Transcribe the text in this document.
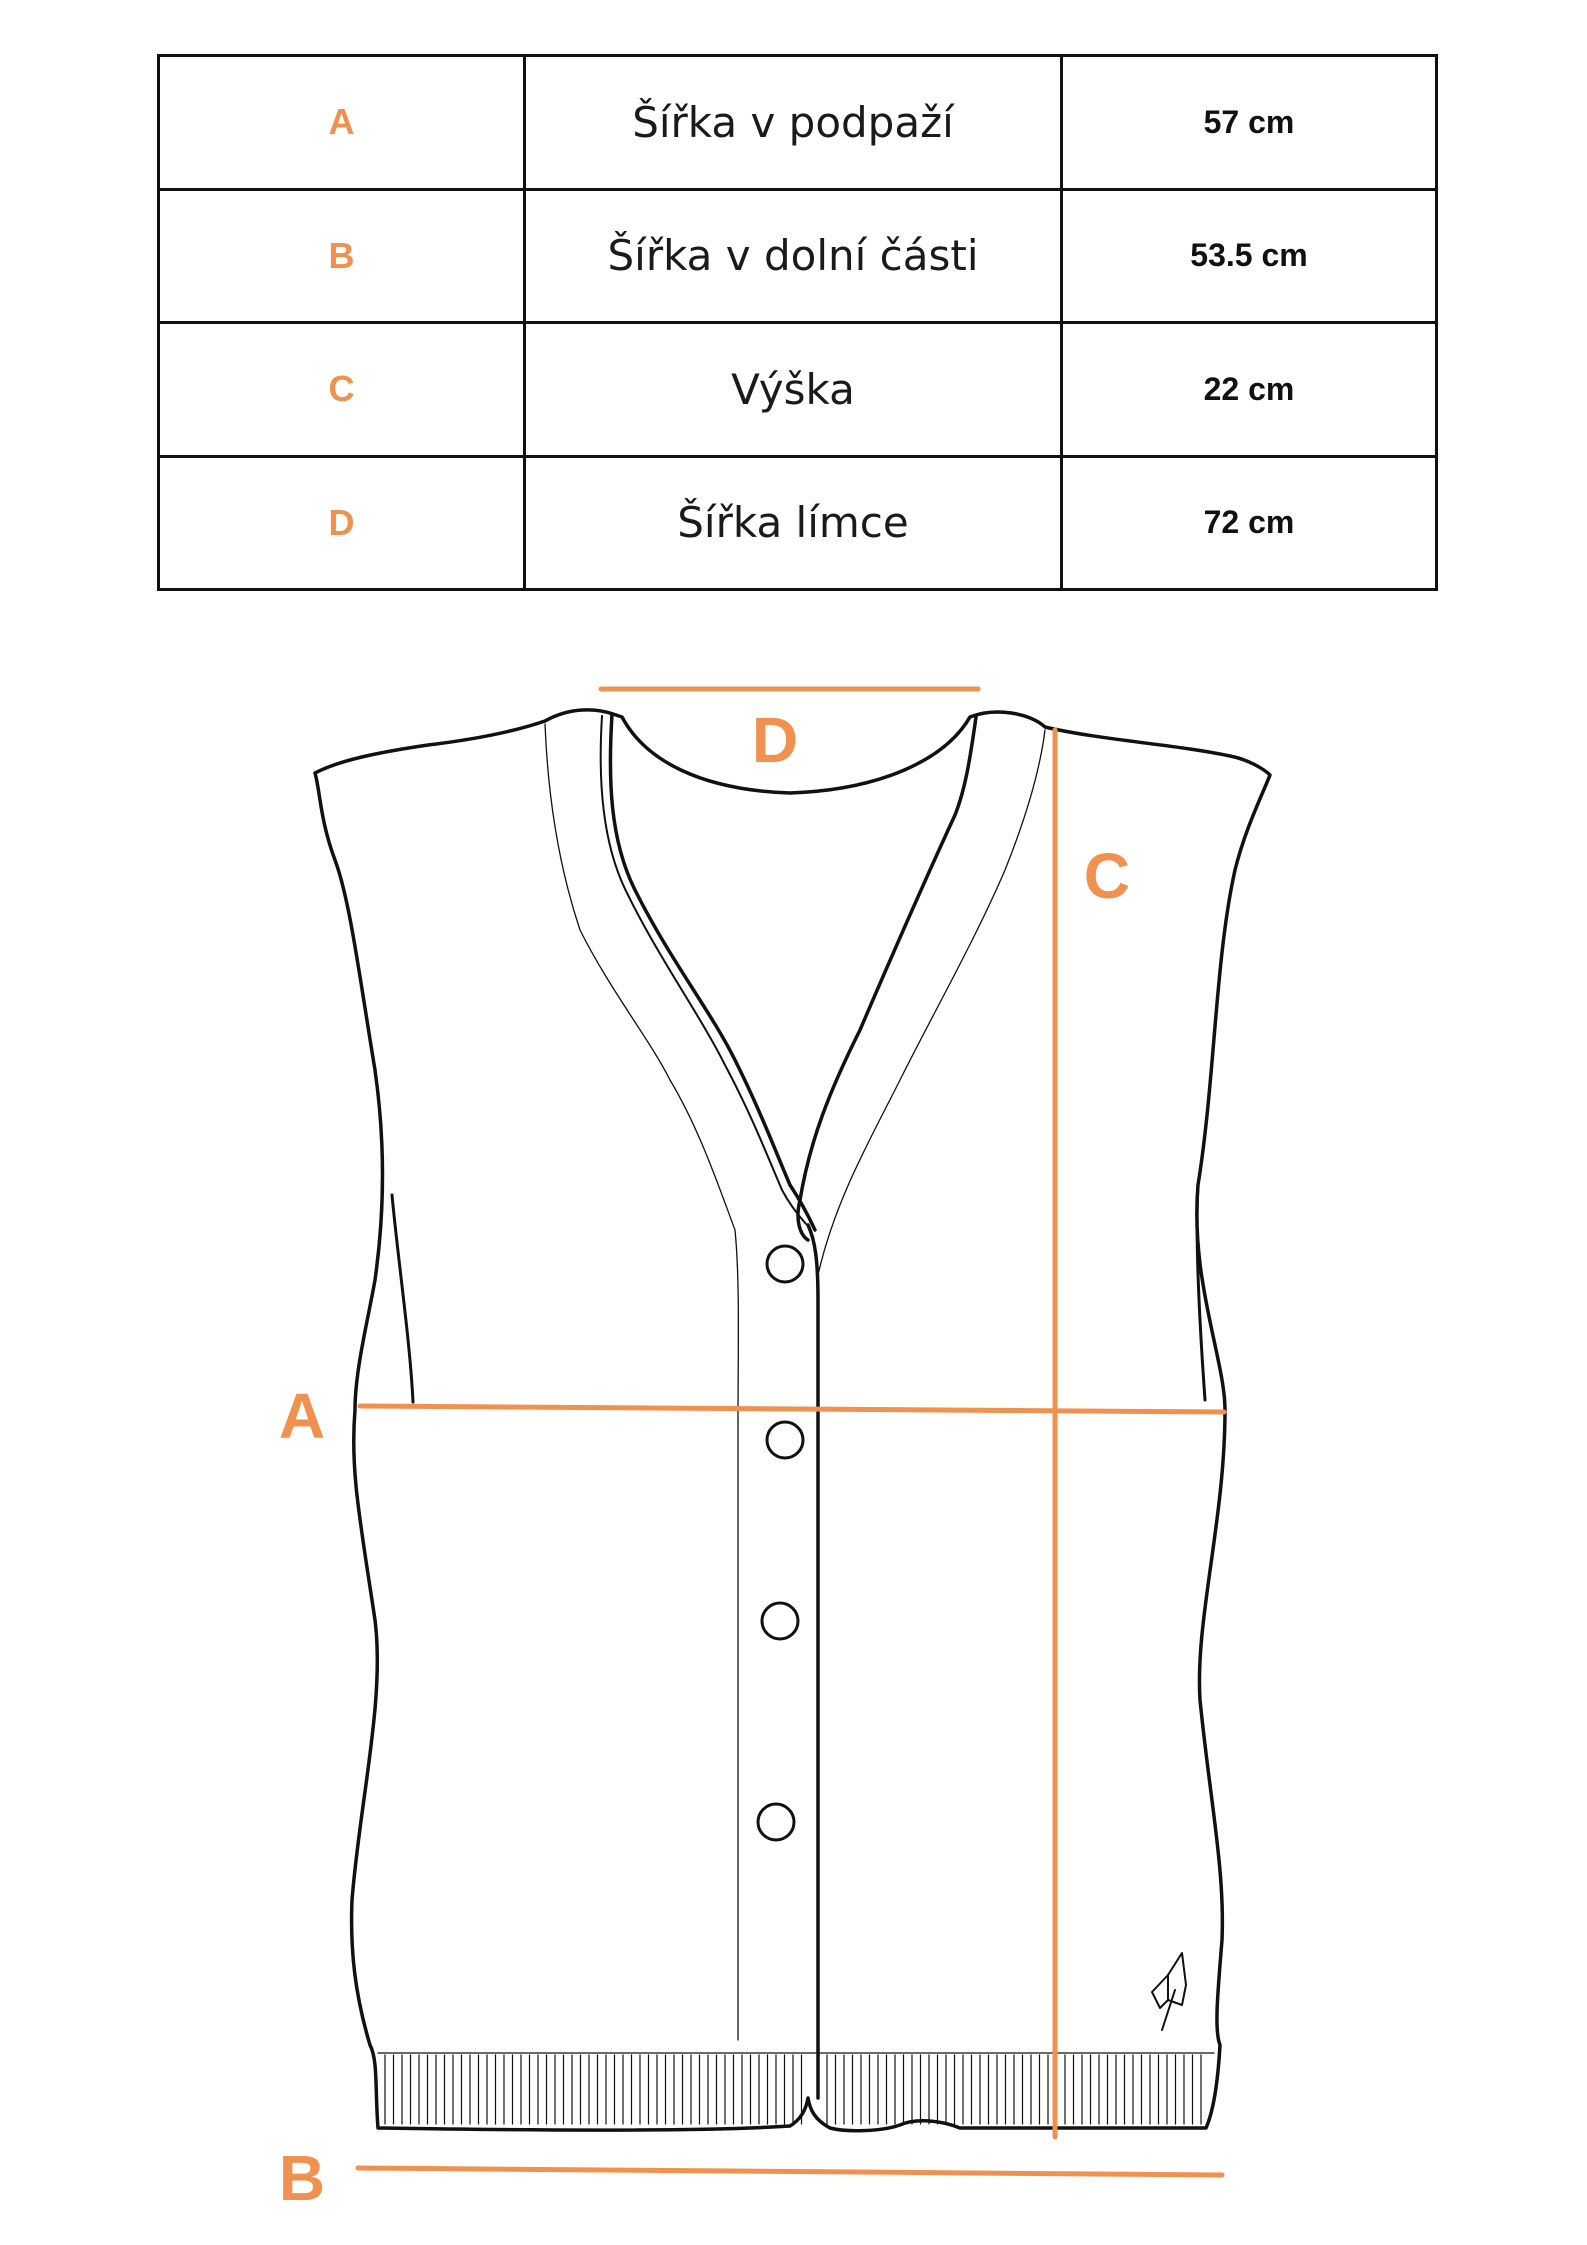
A	Šířka v podpaží	57 cm
B	Šířka v dolní části	53.5 cm
C	Výška	22 cm
D	Šířka límce	72 cm
D
C
A
B
